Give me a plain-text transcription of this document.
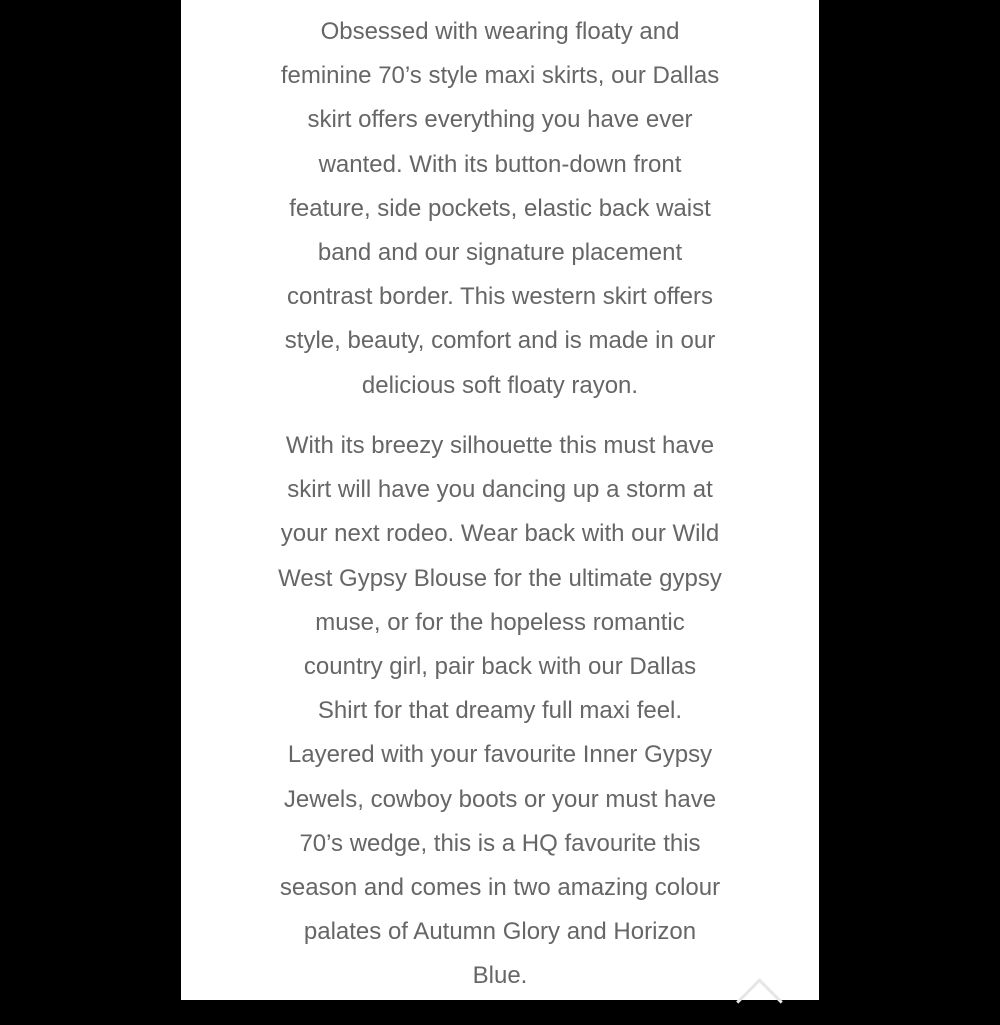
Obsessed with wearing floaty and
feminine 70’s style maxi skirts, our Dallas
skirt offers everything you have ever
wanted. With its button-down front
feature, side pockets, elastic back waist
band and our signature placement
contrast border. This western skirt offers
style, beauty, comfort and is made in our
delicious soft floaty rayon.
With its breezy silhouette this must have
skirt will have you dancing up a storm at
your next rodeo. Wear back with our Wild
West Gypsy Blouse for the ultimate gypsy
muse, or for the hopeless romantic
country girl, pair back with our Dallas
Shirt for that dreamy full maxi feel.
Layered with your favourite Inner Gypsy
Jewels, cowboy boots or your must have
70’s wedge, this is a HQ favourite this
season and comes in two amazing colour
palates of Autumn Glory and Horizon
Blue.
